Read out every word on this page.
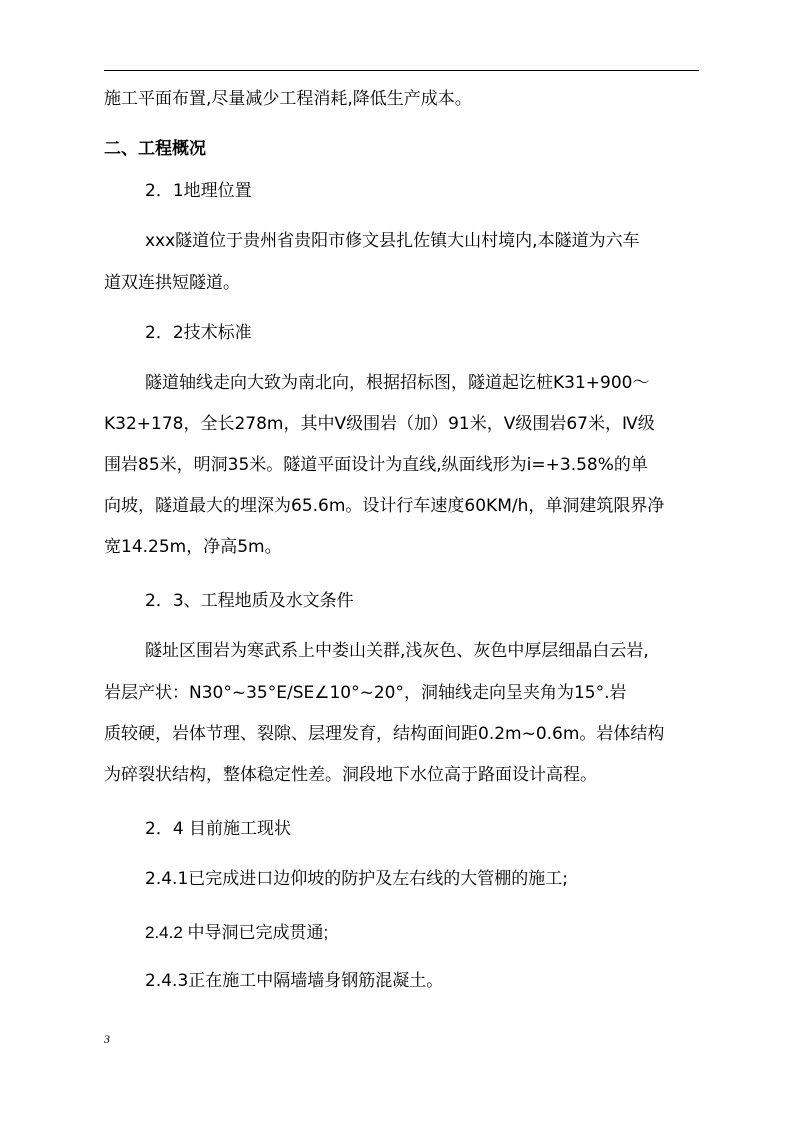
施工平面布置,尽量减少工程消耗,降低生产成本。
二、工程概况
2．1地理位置
xxx隧道位于贵州省贵阳市修文县扎佐镇大山村境内,本隧道为六车
道双连拱短隧道。
2．2技术标准
隧道轴线走向大致为南北向，根据招标图，隧道起讫桩K31+900～
K32+178，全长278m，其中Ⅴ级围岩（加）91米，Ⅴ级围岩67米，Ⅳ级
围岩85米，明洞35米。隧道平面设计为直线,纵面线形为i=+3.58%的单
向坡，隧道最大的埋深为65.6m。设计行车速度60KM/h，单洞建筑限界净
宽14.25m，净高5m。
2．3、工程地质及水文条件
隧址区围岩为寒武系上中娄山关群,浅灰色、灰色中厚层细晶白云岩,
岩层产状：N30°~35°E/SE∠10°~20°，洞轴线走向呈夹角为15°.岩
质较硬，岩体节理、裂隙、层理发育，结构面间距0.2m~0.6m。岩体结构
为碎裂状结构，整体稳定性差。洞段地下水位高于路面设计高程。
2．4 目前施工现状
2.4.1已完成进口边仰坡的防护及左右线的大管棚的施工;
2.4.2 中导洞已完成贯通;
2.4.3正在施工中隔墙墙身钢筋混凝土。
3
